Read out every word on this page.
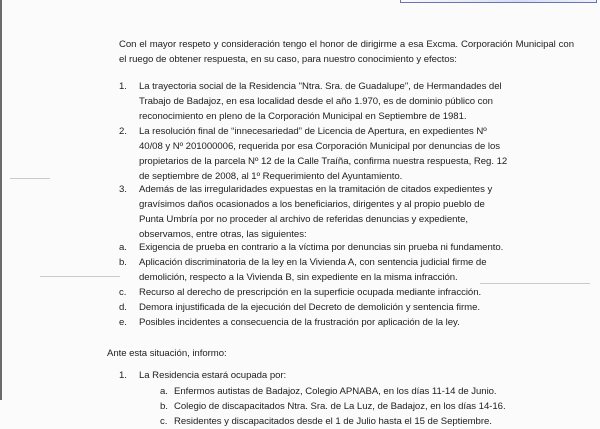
Con el mayor respeto y consideración tengo el honor de dirigirme a esa Excma. Corporación Municipal con el ruego de obtener respuesta, en su caso, para nuestro conocimiento y efectos:
1.	La trayectoria social de la Residencia "Ntra. Sra. de Guadalupe", de Hermandades del
Trabajo de Badajoz, en esa localidad desde el año 1.970, es de dominio público con
reconocimiento en pleno de la Corporación Municipal en Septiembre de 1981.
2.	La resolución final de “innecesariedad” de Licencia de Apertura, en expedientes Nº
40/08 y Nº 201000006, requerida por esa Corporación Municipal por denuncias de los
propietarios de la parcela Nº 12 de la Calle Traíña, confirma nuestra respuesta, Reg. 12
de septiembre de 2008, al 1º Requerimiento del Ayuntamiento.
3.	Además de las irregularidades expuestas en la tramitación de citados expedientes y
gravísimos daños ocasionados a los beneficiarios, dirigentes y al propio pueblo de
Punta Umbría por no proceder al archivo de referidas denuncias y expediente,
observamos, entre otras, las siguientes:
a.	Exigencia de prueba en contrario a la víctima por denuncias sin prueba ni fundamento.
b.	Aplicación discriminatoria de la ley en la Vivienda A, con sentencia judicial firme de
demolición, respecto a la Vivienda B, sin expediente en la misma infracción.
c.	Recurso al derecho de prescripción en la superficie ocupada mediante infracción.
d.	Demora injustificada de la ejecución del Decreto de demolición y sentencia firme.
e.	Posibles incidentes a consecuencia de la frustración por aplicación de la ley.
Ante esta situación, informo:
1.	La Residencia estará ocupada por:
a. Enfermos autistas de Badajoz, Colegio APNABA, en los días 11-14 de Junio.
b. Colegio de discapacitados Ntra. Sra. de La Luz, de Badajoz, en los días 14-16.
c. Residentes y discapacitados desde el 1 de Julio hasta el 15 de Septiembre.
